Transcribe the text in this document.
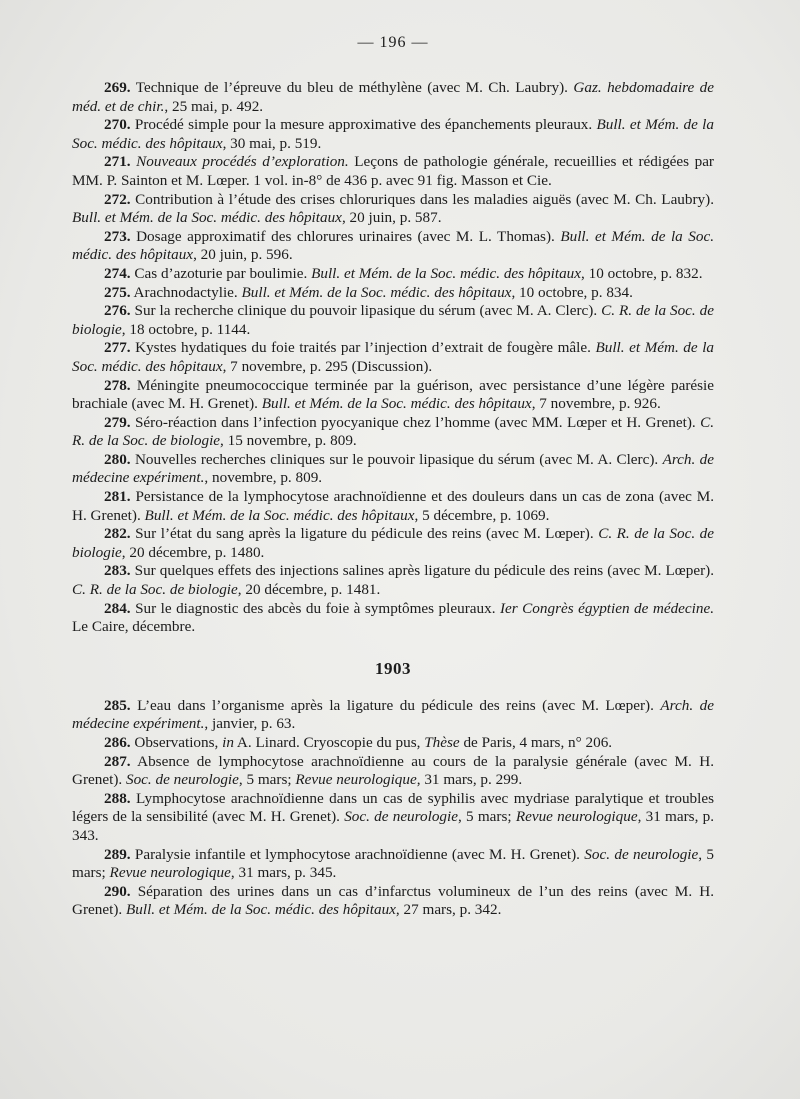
— 196 —

269. Technique de l’épreuve du bleu de méthylène (avec M. Ch. Laubry). Gaz. hebdomadaire de méd. et de chir., 25 mai, p. 492.

270. Procédé simple pour la mesure approximative des épanchements pleuraux. Bull. et Mém. de la Soc. médic. des hôpitaux, 30 mai, p. 519.

271. Nouveaux procédés d’exploration. Leçons de pathologie générale, recueillies et rédigées par MM. P. Sainton et M. Lœper. 1 vol. in-8° de 436 p. avec 91 fig. Masson et Cie.

272. Contribution à l’étude des crises chloruriques dans les maladies aiguës (avec M. Ch. Laubry). Bull. et Mém. de la Soc. médic. des hôpitaux, 20 juin, p. 587.

273. Dosage approximatif des chlorures urinaires (avec M. L. Thomas). Bull. et Mém. de la Soc. médic. des hôpitaux, 20 juin, p. 596.

274. Cas d’azoturie par boulimie. Bull. et Mém. de la Soc. médic. des hôpitaux, 10 octobre, p. 832.

275. Arachnodactylie. Bull. et Mém. de la Soc. médic. des hôpitaux, 10 octobre, p. 834.

276. Sur la recherche clinique du pouvoir lipasique du sérum (avec M. A. Clerc). C. R. de la Soc. de biologie, 18 octobre, p. 1144.

277. Kystes hydatiques du foie traités par l’injection d’extrait de fougère mâle. Bull. et Mém. de la Soc. médic. des hôpitaux, 7 novembre, p. 295 (Discussion).

278. Méningite pneumococcique terminée par la guérison, avec persistance d’une légère parésie brachiale (avec M. H. Grenet). Bull. et Mém. de la Soc. médic. des hôpitaux, 7 novembre, p. 926.

279. Séro-réaction dans l’infection pyocyanique chez l’homme (avec MM. Lœper et H. Grenet). C. R. de la Soc. de biologie, 15 novembre, p. 809.

280. Nouvelles recherches cliniques sur le pouvoir lipasique du sérum (avec M. A. Clerc). Arch. de médecine expériment., novembre, p. 809.

281. Persistance de la lymphocytose arachnoïdienne et des douleurs dans un cas de zona (avec M. H. Grenet). Bull. et Mém. de la Soc. médic. des hôpitaux, 5 décembre, p. 1069.

282. Sur l’état du sang après la ligature du pédicule des reins (avec M. Lœper). C. R. de la Soc. de biologie, 20 décembre, p. 1480.

283. Sur quelques effets des injections salines après ligature du pédicule des reins (avec M. Lœper). C. R. de la Soc. de biologie, 20 décembre, p. 1481.

284. Sur le diagnostic des abcès du foie à symptômes pleuraux. Ier Congrès égyptien de médecine. Le Caire, décembre.

1903

285. L’eau dans l’organisme après la ligature du pédicule des reins (avec M. Lœper). Arch. de médecine expériment., janvier, p. 63.

286. Observations, in A. Linard. Cryoscopie du pus, Thèse de Paris, 4 mars, n° 206.

287. Absence de lymphocytose arachnoïdienne au cours de la paralysie générale (avec M. H. Grenet). Soc. de neurologie, 5 mars; Revue neurologique, 31 mars, p. 299.

288. Lymphocytose arachnoïdienne dans un cas de syphilis avec mydriase paralytique et troubles légers de la sensibilité (avec M. H. Grenet). Soc. de neurologie, 5 mars; Revue neurologique, 31 mars, p. 343.

289. Paralysie infantile et lymphocytose arachnoïdienne (avec M. H. Grenet). Soc. de neurologie, 5 mars; Revue neurologique, 31 mars, p. 345.

290. Séparation des urines dans un cas d’infarctus volumineux de l’un des reins (avec M. H. Grenet). Bull. et Mém. de la Soc. médic. des hôpitaux, 27 mars, p. 342.
